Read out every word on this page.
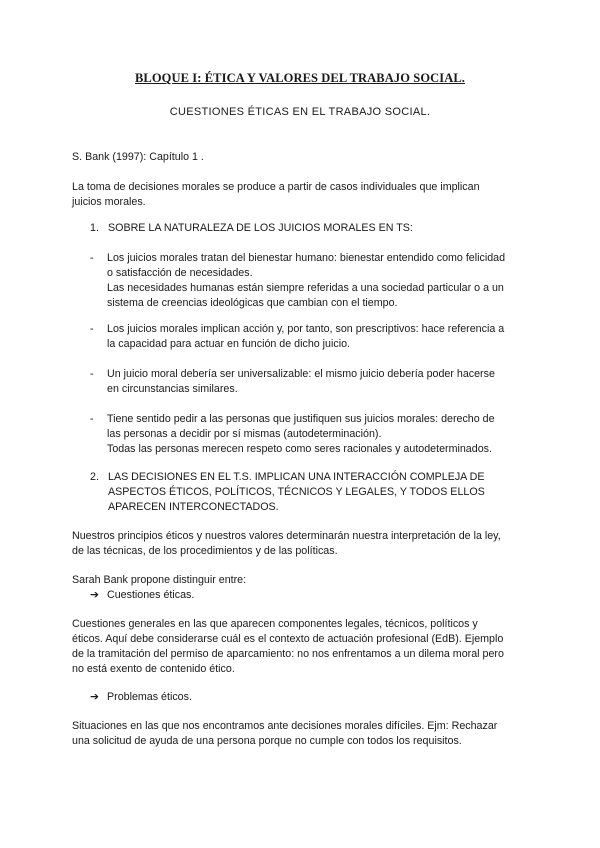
BLOQUE I: ÉTICA Y VALORES DEL TRABAJO SOCIAL.
CUESTIONES ÉTICAS EN EL TRABAJO SOCIAL.
S. Bank (1997): Capítulo 1 .
La toma de decisiones morales se produce a partir de casos individuales que implican
juicios morales.
1. SOBRE LA NATURALEZA DE LOS JUICIOS MORALES EN TS:
- Los juicios morales tratan del bienestar humano: bienestar entendido como felicidad
o satisfacción de necesidades.
Las necesidades humanas están siempre referidas a una sociedad particular o a un
sistema de creencias ideológicas que cambian con el tiempo.
- Los juicios morales implican acción y, por tanto, son prescriptivos: hace referencia a
la capacidad para actuar en función de dicho juicio.
- Un juicio moral debería ser universalizable: el mismo juicio debería poder hacerse
en circunstancias similares.
- Tiene sentido pedir a las personas que justifiquen sus juicios morales: derecho de
las personas a decidir por sí mismas (autodeterminación).
Todas las personas merecen respeto como seres racionales y autodeterminados.
2. LAS DECISIONES EN EL T.S. IMPLICAN UNA INTERACCIÓN COMPLEJA DE
ASPECTOS ÉTICOS, POLÍTICOS, TÉCNICOS Y LEGALES, Y TODOS ELLOS
APARECEN INTERCONECTADOS.
Nuestros principios éticos y nuestros valores determinarán nuestra interpretación de la ley,
de las técnicas, de los procedimientos y de las políticas.
Sarah Bank propone distinguir entre:
➔ Cuestiones éticas.
Cuestiones generales en las que aparecen componentes legales, técnicos, políticos y
éticos. Aquí debe considerarse cuál es el contexto de actuación profesional (EdB). Ejemplo
de la tramitación del permiso de aparcamiento: no nos enfrentamos a un dilema moral pero
no está exento de contenido ético.
➔ Problemas éticos.
Situaciones en las que nos encontramos ante decisiones morales difíciles. Ejm: Rechazar
una solicitud de ayuda de una persona porque no cumple con todos los requisitos.
